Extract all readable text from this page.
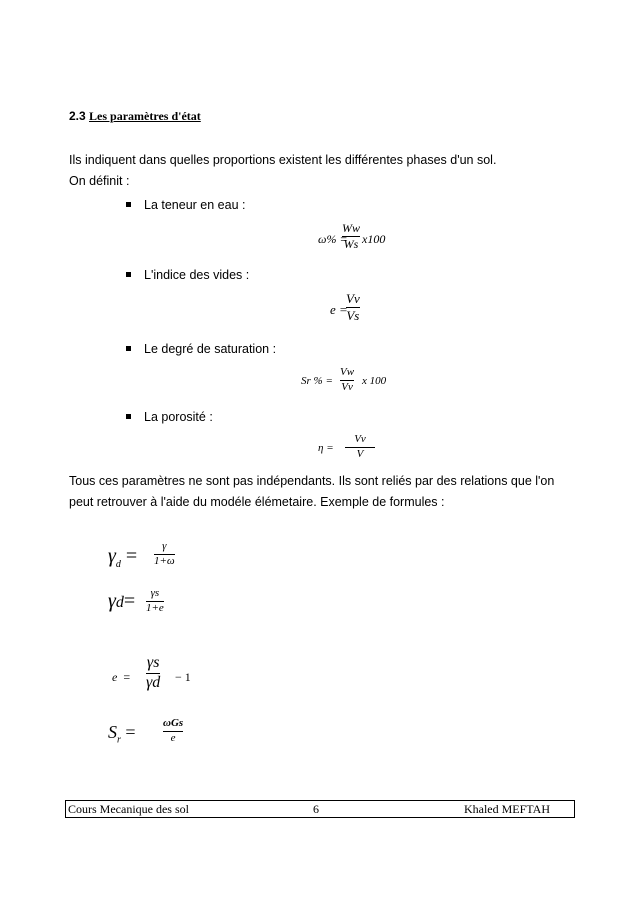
2.3 Les paramètres d'état
Ils indiquent dans quelles proportions existent les différentes phases d'un sol.
On définit :
La teneur en eau :
ω% =
Ww
Ws x100
L'indice des vides :
e =
Vv
Vs
Le degré de saturation :
Sr % =
Vw
Vv x 100
La porosité :
η =
Vv
V
Tous ces paramètres ne sont pas indépendants. Ils sont reliés par des relations que l'on
peut retrouver à l'aide du modéle élémetaire. Exemple de formules :
$\gamma_d = \gamma$
1+ω
γd= γs
1+e
e  =
γs
γd − 1
$S_r = \omega Gs$
e
Cours Mecanique des sol	6	Khaled MEFTAH
